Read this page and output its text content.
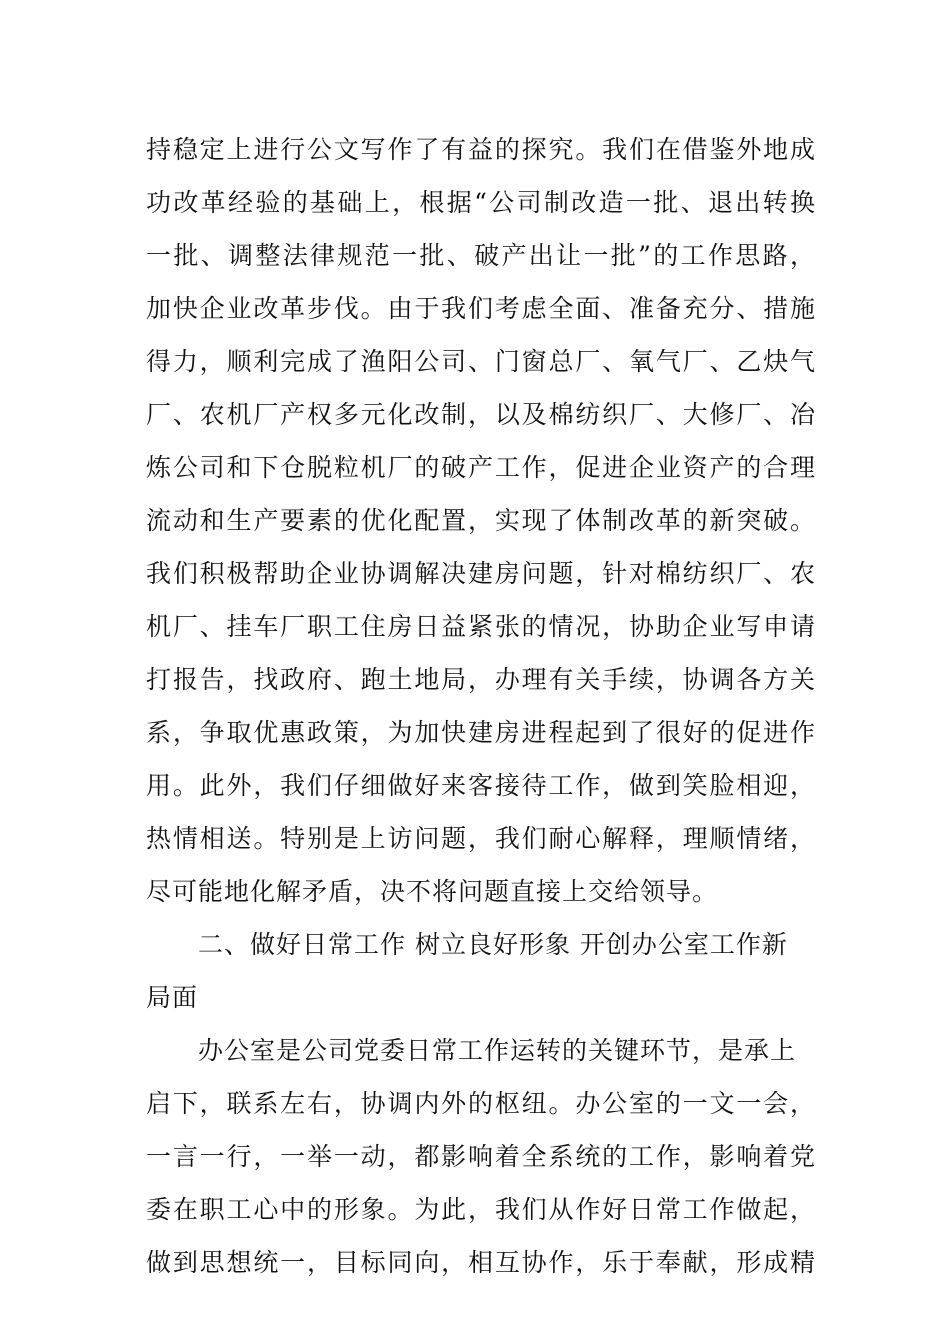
持稳定上进行公文写作了有益的探究。我们在借鉴外地成
功改革经验的基础上，根据“公司制改造一批、退出转换
一批、调整法律规范一批、破产出让一批”的工作思路，
加快企业改革步伐。由于我们考虑全面、准备充分、措施
得力，顺利完成了渔阳公司、门窗总厂、氧气厂、乙炔气
厂、农机厂产权多元化改制，以及棉纺织厂、大修厂、冶
炼公司和下仓脱粒机厂的破产工作，促进企业资产的合理
流动和生产要素的优化配置，实现了体制改革的新突破。
我们积极帮助企业协调解决建房问题，针对棉纺织厂、农
机厂、挂车厂职工住房日益紧张的情况，协助企业写申请
打报告，找政府、跑土地局，办理有关手续，协调各方关
系，争取优惠政策，为加快建房进程起到了很好的促进作
用。此外，我们仔细做好来客接待工作，做到笑脸相迎，
热情相送。特别是上访问题，我们耐心解释，理顺情绪，
尽可能地化解矛盾，决不将问题直接上交给领导。
二、做好日常工作 树立良好形象 开创办公室工作新
局面
办公室是公司党委日常工作运转的关键环节，是承上
启下，联系左右，协调内外的枢纽。办公室的一文一会，
一言一行，一举一动，都影响着全系统的工作，影响着党
委在职工心中的形象。为此，我们从作好日常工作做起，
做到思想统一，目标同向，相互协作，乐于奉献，形成精
